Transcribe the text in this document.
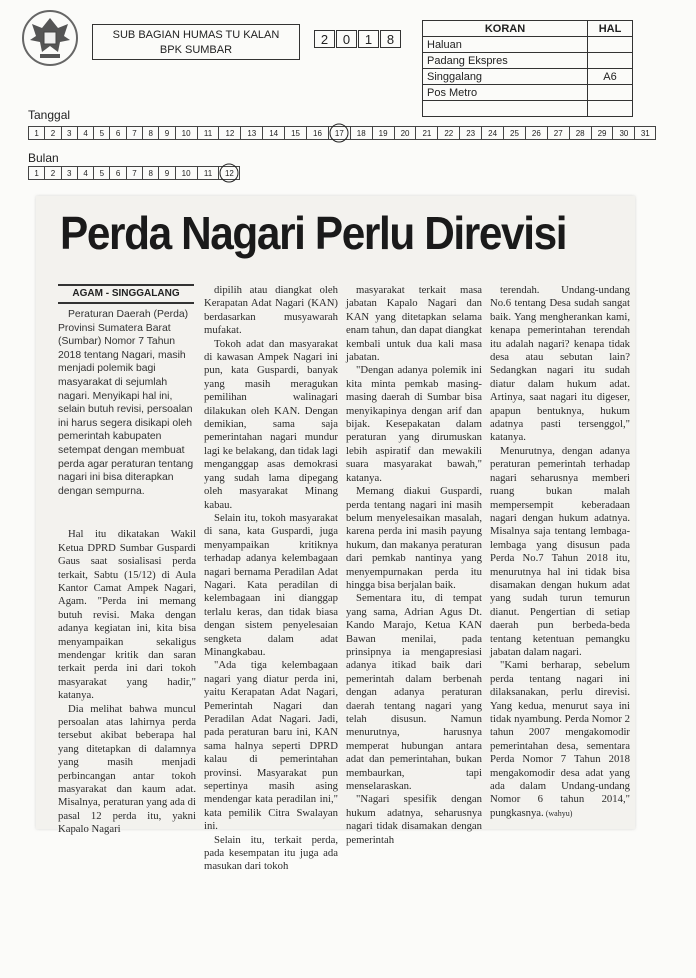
SUB BAGIAN HUMAS TU KALAN
BPK SUMBAR
2	0	1	8
KORAN	HAL
Haluan	
Padang Ekspres	
Singgalang	A6
Pos Metro	

Tanggal
1	2	3	4	5	6	7	8	9	10	11	12	13	14	15	16	17	18	19	20	21	22	23	24	25	26	27	28	29	30	31
Bulan
1	2	3	4	5	6	7	8	9	10	11	12
Perda Nagari Perlu Direvisi
AGAM - SINGGALANG

Peraturan Daerah (Perda) Provinsi Sumatera Barat (Sumbar) Nomor 7 Tahun 2018 tentang Nagari, masih menjadi polemik bagi masyarakat di sejumlah nagari. Menyikapi hal ini, selain butuh revisi, persoalan ini harus segera disikapi oleh pemerintah kabupaten setempat dengan membuat perda agar peraturan tentang nagari ini bisa diterapkan dengan sempurna.

Hal itu dikatakan Wakil Ketua DPRD Sumbar Guspardi Gaus saat sosialisasi perda terkait, Sabtu (15/12) di Aula Kantor Camat Ampek Nagari, Agam. "Perda ini memang butuh revisi. Maka dengan adanya kegiatan ini, kita bisa menyampaikan sekaligus mendengar kritik dan saran terkait perda ini dari tokoh masyarakat yang hadir," katanya.

Dia melihat bahwa muncul persoalan atas lahirnya perda tersebut akibat beberapa hal yang ditetapkan di dalamnya yang masih menjadi perbincangan antar tokoh masyarakat dan kaum adat. Misalnya, peraturan yang ada di pasal 12 perda itu, yakni Kapalo Nagari

dipilih atau diangkat oleh Kerapatan Adat Nagari (KAN) berdasarkan musyawarah mufakat.

Tokoh adat dan masyarakat di kawasan Ampek Nagari ini pun, kata Guspardi, banyak yang masih meragukan pemilihan walinagari dilakukan oleh KAN. Dengan demikian, sama saja pemerintahan nagari mundur lagi ke belakang, dan tidak lagi menganggap asas demokrasi yang sudah lama dipegang oleh masyarakat Minang kabau.

Selain itu, tokoh masyarakat di sana, kata Guspardi, juga menyampaikan kritiknya terhadap adanya kelembagaan nagari bernama Peradilan Adat Nagari. Kata peradilan di kelembagaan ini dianggap terlalu keras, dan tidak biasa dengan sistem penyelesaian sengketa dalam adat Minangkabau.

"Ada tiga kelembagaan nagari yang diatur perda ini, yaitu Kerapatan Adat Nagari, Pemerintah Nagari dan Peradilan Adat Nagari. Jadi, pada peraturan baru ini, KAN sama halnya seperti DPRD kalau di pemerintahan provinsi. Masyarakat pun sepertinya masih asing mendengar kata peradilan ini," kata pemilik Citra Swalayan ini.

Selain itu, terkait perda, pada kesempatan itu juga ada masukan dari tokoh

masyarakat terkait masa jabatan Kapalo Nagari dan KAN yang ditetapkan selama enam tahun, dan dapat diangkat kembali untuk dua kali masa jabatan.

"Dengan adanya polemik ini kita minta pemkab masing-masing daerah di Sumbar bisa menyikapinya dengan arif dan bijak. Kesepakatan dalam peraturan yang dirumuskan lebih aspiratif dan mewakili suara masyarakat bawah," katanya.

Memang diakui Guspardi, perda tentang nagari ini masih belum menyelesaikan masalah, karena perda ini masih payung hukum, dan makanya peraturan dari pemkab nantinya yang menyempurnakan perda itu hingga bisa berjalan baik.

Sementara itu, di tempat yang sama, Adrian Agus Dt. Kando Marajo, Ketua KAN Bawan menilai, pada prinsipnya ia mengapresiasi adanya itikad baik dari pemerintah dalam berbenah dengan adanya peraturan daerah tentang nagari yang telah disusun. Namun menurutnya, harusnya memperat hubungan antara adat dan pemerintahan, bukan membaurkan, tapi menselaraskan.

"Nagari spesifik dengan hukum adatnya, seharusnya nagari tidak disamakan dengan pemerintah

terendah. Undang-undang No.6 tentang Desa sudah sangat baik. Yang mengherankan kami, kenapa pemerintahan terendah itu adalah nagari? kenapa tidak desa atau sebutan lain? Sedangkan nagari itu sudah diatur dalam hukum adat. Artinya, saat nagari itu digeser, apapun bentuknya, hukum adatnya pasti tersenggol," katanya.

Menurutnya, dengan adanya peraturan pemerintah terhadap nagari seharusnya memberi ruang bukan malah mempersempit keberadaan nagari dengan hukum adatnya. Misalnya saja tentang lembaga-lembaga yang disusun pada Perda No.7 Tahun 2018 itu, menurutnya hal ini tidak bisa disamakan dengan hukum adat yang sudah turun temurun dianut. Pengertian di setiap daerah pun berbeda-beda tentang ketentuan pemangku jabatan dalam nagari.

"Kami berharap, sebelum perda tentang nagari ini dilaksanakan, perlu direvisi. Yang kedua, menurut saya ini tidak nyambung. Perda Nomor 2 tahun 2007 mengakomodir pemerintahan desa, sementara Perda Nomor 7 Tahun 2018 mengakomodir desa adat yang ada dalam Undang-undang Nomor 6 tahun 2014," pungkasnya. (wahyu)
